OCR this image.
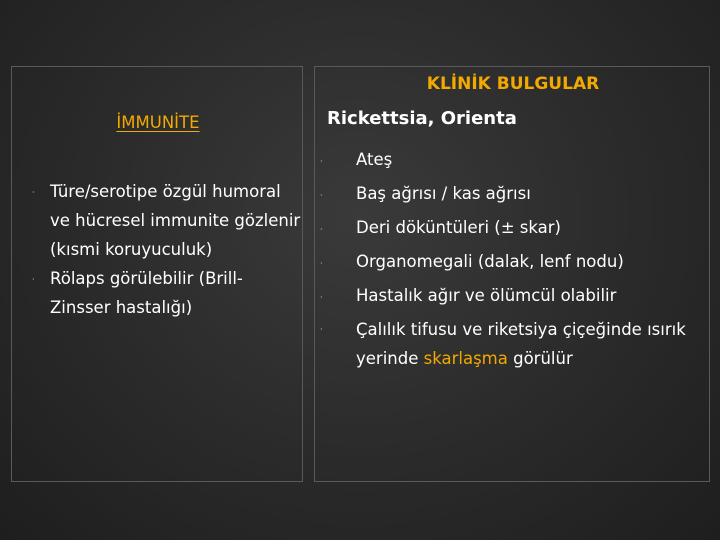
İMMUNİTE
· Türe/serotipe özgül humoral ve hücresel immunite gözlenir (kısmi koruyuculuk)
· Rölaps görülebilir (Brill-Zinsser hastalığı)
KLİNİK BULGULAR
Rickettsia, Orienta
· Ateş
· Baş ağrısı / kas ağrısı
· Deri döküntüleri (± skar)
· Organomegali (dalak, lenf nodu)
· Hastalık ağır ve ölümcül olabilir
· Çalılık tifusu ve riketsiya çiçeğinde ısırık yerinde skarlaşma görülür
